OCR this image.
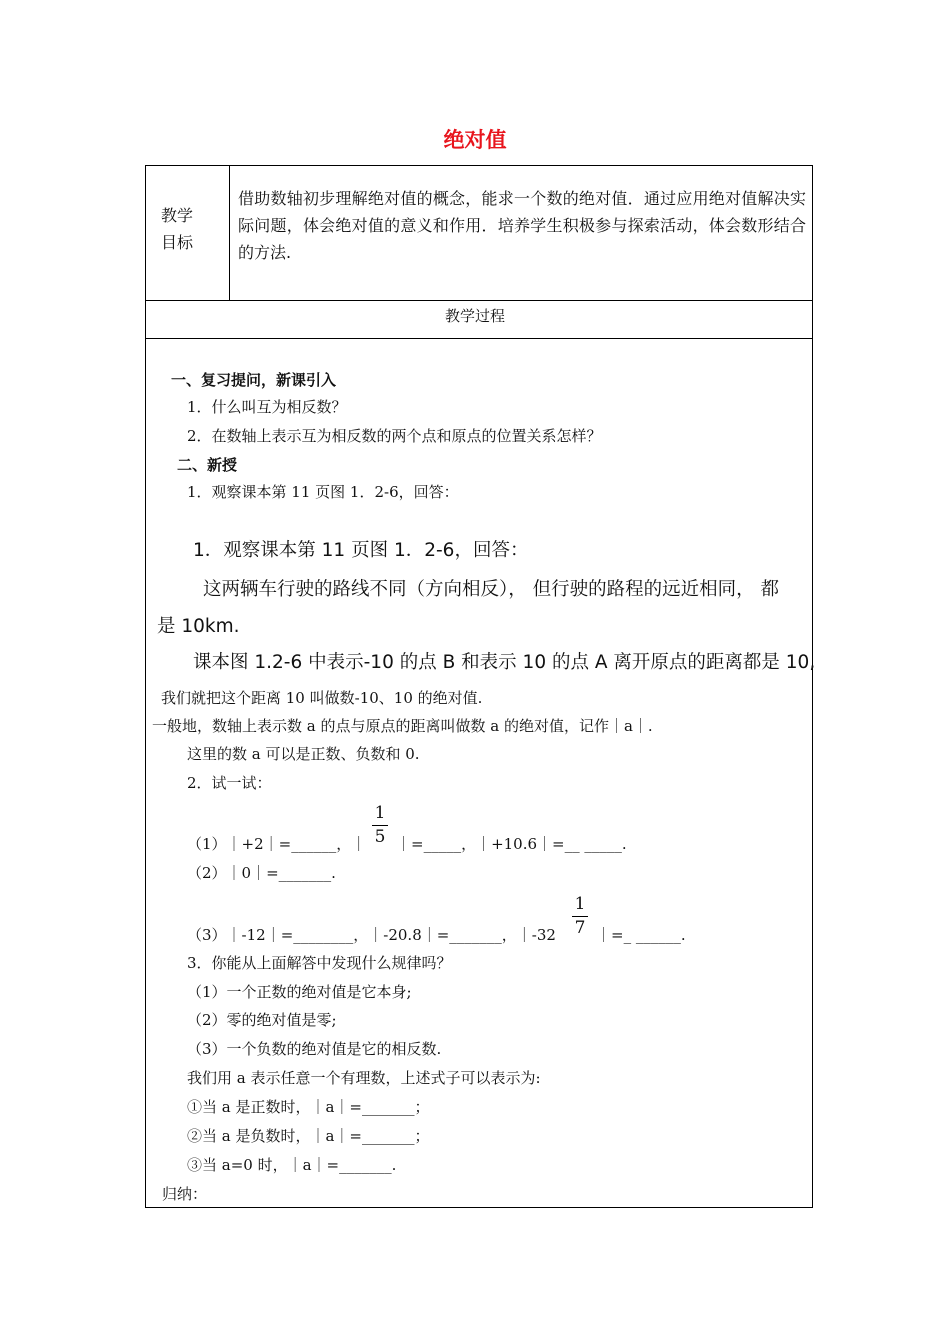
绝对值
教学
目标
借助数轴初步理解绝对值的概念，能求一个数的绝对值．通过应用绝对值解决实际问题，体会绝对值的意义和作用．培养学生积极参与探索活动，体会数形结合的方法.
教学过程
一、复习提问，新课引入
1．什么叫互为相反数？
2．在数轴上表示互为相反数的两个点和原点的位置关系怎样？
二、新授
1．观察课本第 11 页图 1．2-6，回答：
1．观察课本第 11 页图 1．2-6，回答：
这两辆车行驶的路线不同（方向相反）， 但行驶的路程的远近相同， 都
是 10km.
课本图 1.2-6 中表示-10 的点 B 和表示 10 的点 A 离开原点的距离都是 10,
我们就把这个距离 10 叫做数-10、10 的绝对值.
一般地，数轴上表示数 a 的点与原点的距离叫做数 a 的绝对值，记作｜a｜.
这里的数 a 可以是正数、负数和 0.
2．试一试：
1
5
（1）｜+2｜=______，｜ ｜=_____，｜+10.6｜=__ _____.
（2）｜0｜=_______.
1
7
（3）｜-12｜=________，｜-20.8｜=_______，｜-32	｜=_ ______.
3．你能从上面解答中发现什么规律吗？
（1）一个正数的绝对值是它本身;
（2）零的绝对值是零;
（3）一个负数的绝对值是它的相反数.
我们用 a 表示任意一个有理数，上述式子可以表示为:
①当 a 是正数时，｜a｜=_______；
②当 a 是负数时，｜a｜=_______；
③当 a=0 时，｜a｜=_______.
归纳：
